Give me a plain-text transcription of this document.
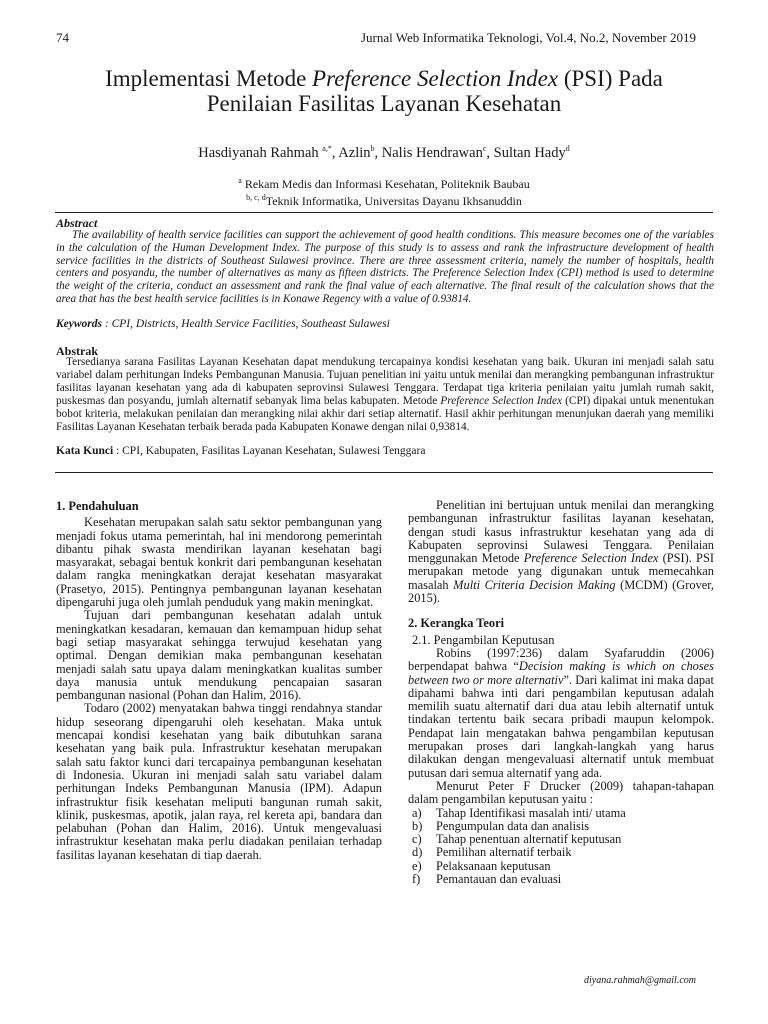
74	Jurnal Web Informatika Teknologi, Vol.4, No.2, November 2019
Implementasi Metode Preference Selection Index (PSI) Pada
Penilaian Fasilitas Layanan Kesehatan
Hasdiyanah Rahmah $^{a,*}$, Azlin$^b$, Nalis Hendrawan$^c$, Sultan Hady$^d$
$^a$ Rekam Medis dan Informasi Kesehatan, Politeknik Baubau
$^{b, c, d}$Teknik Informatika, Universitas Dayanu Ikhsanuddin
Abstract
The availability of health service facilities can support the achievement of good health conditions. This measure becomes one of the variables in the calculation of the Human Development Index. The purpose of this study is to assess and rank the infrastructure development of health service facilities in the districts of Southeast Sulawesi province. There are three assessment criteria, namely the number of hospitals, health centers and posyandu, the number of alternatives as many as fifteen districts. The Preference Selection Index (CPI) method is used to determine the weight of the criteria, conduct an assessment and rank the final value of each alternative. The final result of the calculation shows that the area that has the best health service facilities is in Konawe Regency with a value of 0.93814.
Keywords : CPI, Districts, Health Service Facilities, Southeast Sulawesi
Abstrak
Tersedianya sarana Fasilitas Layanan Kesehatan dapat mendukung tercapainya kondisi kesehatan yang baik. Ukuran ini menjadi salah satu variabel dalam perhitungan Indeks Pembangunan Manusia. Tujuan penelitian ini yaitu untuk menilai dan merangking pembangunan infrastruktur fasilitas layanan kesehatan yang ada di kabupaten seprovinsi Sulawesi Tenggara. Terdapat tiga kriteria penilaian yaitu jumlah rumah sakit, puskesmas dan posyandu, jumlah alternatif sebanyak lima belas kabupaten. Metode Preference Selection Index (CPI) dipakai untuk menentukan bobot kriteria, melakukan penilaian dan merangking nilai akhir dari setiap alternatif. Hasil akhir perhitungan menunjukan daerah yang memiliki Fasilitas Layanan Kesehatan terbaik berada pada Kabupaten Konawe dengan nilai 0,93814.
Kata Kunci : CPI, Kabupaten, Fasilitas Layanan Kesehatan, Sulawesi Tenggara

1. Pendahuluan

Kesehatan merupakan salah satu sektor pembangunan yang menjadi fokus utama pemerintah, hal ini mendorong pemerintah dibantu pihak swasta mendirikan layanan kesehatan bagi masyarakat, sebagai bentuk konkrit dari pembangunan kesehatan dalam rangka meningkatkan derajat kesehatan masyarakat (Prasetyo, 2015). Pentingnya pembangunan layanan kesehatan dipengaruhi juga oleh jumlah penduduk yang makin meningkat.

Tujuan dari pembangunan kesehatan adalah untuk meningkatkan kesadaran, kemauan dan kemampuan hidup sehat bagi setiap masyarakat sehingga terwujud kesehatan yang optimal. Dengan demikian maka pembangunan kesehatan menjadi salah satu upaya dalam meningkatkan kualitas sumber daya manusia untuk mendukung pencapaian sasaran pembangunan nasional (Pohan dan Halim, 2016).

Todaro (2002) menyatakan bahwa tinggi rendahnya standar hidup seseorang dipengaruhi oleh kesehatan. Maka untuk mencapai kondisi kesehatan yang baik dibutuhkan sarana kesehatan yang baik pula. Infrastruktur kesehatan merupakan salah satu faktor kunci dari tercapainya pembangunan kesehatan di Indonesia. Ukuran ini menjadi salah satu variabel dalam perhitungan Indeks Pembangunan Manusia (IPM). Adapun infrastruktur fisik kesehatan meliputi bangunan rumah sakit, klinik, puskesmas, apotik, jalan raya, rel kereta api, bandara dan pelabuhan (Pohan dan Halim, 2016). Untuk mengevaluasi infrastruktur kesehatan maka perlu diadakan penilaian terhadap fasilitas layanan kesehatan di tiap daerah.

Penelitian ini bertujuan untuk menilai dan merangking pembangunan infrastruktur fasilitas layanan kesehatan, dengan studi kasus infrastruktur kesehatan yang ada di Kabupaten seprovinsi Sulawesi Tenggara. Penilaian menggunakan Metode Preference Selection Index (PSI). PSI merupakan metode yang digunakan untuk memecahkan masalah Multi Criteria Decision Making (MCDM) (Grover, 2015).

2. Kerangka Teori

2.1. Pengambilan Keputusan

Robins (1997:236) dalam Syafaruddin (2006) berpendapat bahwa “Decision making is which on choses between two or more alternativ”. Dari kalimat ini maka dapat dipahami bahwa inti dari pengambilan keputusan adalah memilih suatu alternatif dari dua atau lebih alternatif untuk tindakan tertentu baik secara pribadi maupun kelompok. Pendapat lain mengatakan bahwa pengambilan keputusan merupakan proses dari langkah-langkah yang harus dilakukan dengan mengevaluasi alternatif untuk membuat putusan dari semua alternatif yang ada.

Menurut Peter F Drucker (2009) tahapan-tahapan dalam pengambilan keputusan yaitu :

a)	Tahap Identifikasi masalah inti/ utama
b)	Pengumpulan data dan analisis
c)	Tahap penentuan alternatif keputusan
d)	Pemilihan alternatif terbaik
e)	Pelaksanaan keputusan
f)	Pemantauan dan evaluasi
diyana.rahmah@gmail.com
